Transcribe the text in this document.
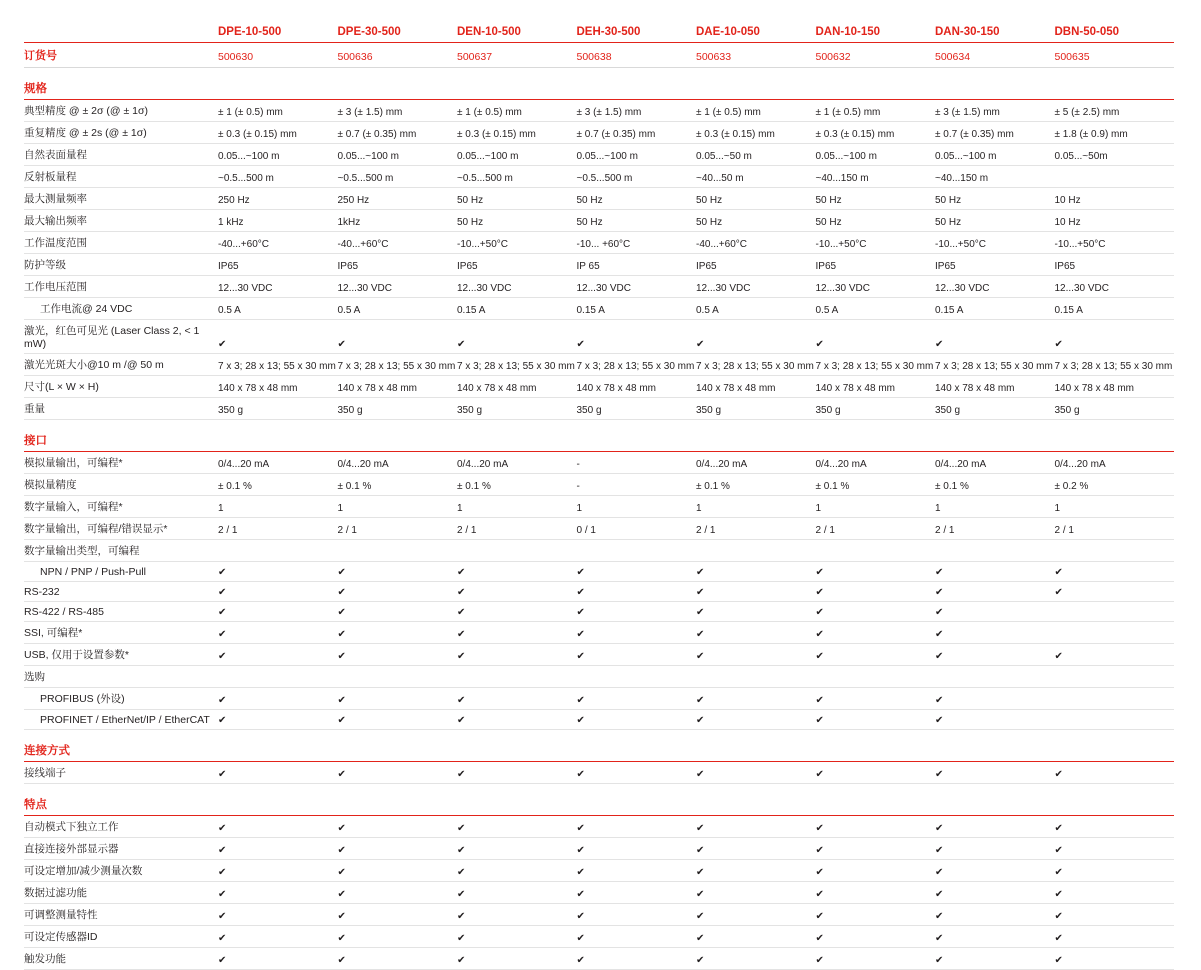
	DPE-10-500	DPE-30-500	DEN-10-500	DEH-30-500	DAE-10-050	DAN-10-150	DAN-30-150	DBN-50-050
订货号	500630	500636	500637	500638	500633	500632	500634	500635
规格								
典型精度 @ ± 2σ (@ ± 1σ)	± 1 (± 0.5) mm	± 3 (± 1.5) mm	± 1 (± 0.5) mm	± 3 (± 1.5) mm	± 1 (± 0.5) mm	± 1 (± 0.5) mm	± 3 (± 1.5) mm	± 5 (± 2.5) mm
重复精度 @ ± 2s (@ ± 1σ)	± 0.3 (± 0.15) mm	± 0.7 (± 0.35) mm	± 0.3 (± 0.15) mm	± 0.7 (± 0.35) mm	± 0.3 (± 0.15) mm	± 0.3 (± 0.15) mm	± 0.7 (± 0.35) mm	± 1.8 (± 0.9) mm
自然表面量程	0.05...~100 m	0.05...~100 m	0.05...~100 m	0.05...~100 m	0.05...~50 m	0.05...~100 m	0.05...~100 m	0.05...~50m
反射板量程	~0.5...500 m	~0.5...500 m	~0.5...500 m	~0.5...500 m	~40...50 m	~40...150 m	~40...150 m	
最大测量频率	250 Hz	250 Hz	50 Hz	50 Hz	50 Hz	50 Hz	50 Hz	10 Hz
最大输出频率	1 kHz	1kHz	50 Hz	50 Hz	50 Hz	50 Hz	50 Hz	10 Hz
工作温度范围	-40...+60°C	-40...+60°C	-10...+50°C	-10... +60°C	-40...+60°C	-10...+50°C	-10...+50°C	-10...+50°C
防护等级	IP65	IP65	IP65	IP 65	IP65	IP65	IP65	IP65
工作电压范围	12...30 VDC	12...30 VDC	12...30 VDC	12...30 VDC	12...30 VDC	12...30 VDC	12...30 VDC	12...30 VDC
工作电流@ 24 VDC	0.5 A	0.5 A	0.15 A	0.15 A	0.5 A	0.5 A	0.15 A	0.15 A
激光，红色可见光 (Laser Class 2, < 1 mW)	✔	✔	✔	✔	✔	✔	✔	✔
激光光斑大小@10 m /@ 50 m	7 x 3; 28 x 13; 55 x 30 mm	7 x 3; 28 x 13; 55 x 30 mm	7 x 3; 28 x 13; 55 x 30 mm	7 x 3; 28 x 13; 55 x 30 mm	7 x 3; 28 x 13; 55 x 30 mm	7 x 3; 28 x 13; 55 x 30 mm	7 x 3; 28 x 13; 55 x 30 mm	7 x 3; 28 x 13; 55 x 30 mm
尺寸(L × W × H)	140 x 78 x 48 mm	140 x 78 x 48 mm	140 x 78 x 48 mm	140 x 78 x 48 mm	140 x 78 x 48 mm	140 x 78 x 48 mm	140 x 78 x 48 mm	140 x 78 x 48 mm
重量	350 g	350 g	350 g	350 g	350 g	350 g	350 g	350 g
接口								
模拟量输出，可编程*	0/4...20 mA	0/4...20 mA	0/4...20 mA	-	0/4...20 mA	0/4...20 mA	0/4...20 mA	0/4...20 mA
模拟量精度	± 0.1 %	± 0.1 %	± 0.1 %	-	± 0.1 %	± 0.1 %	± 0.1 %	± 0.2 %
数字量输入，可编程*	1	1	1	1	1	1	1	1
数字量输出，可编程/错误显示*	2 / 1	2 / 1	2 / 1	0 / 1	2 / 1	2 / 1	2 / 1	2 / 1
数字量输出类型，可编程								
NPN / PNP / Push-Pull	✔	✔	✔	✔	✔	✔	✔	✔
RS-232	✔	✔	✔	✔	✔	✔	✔	✔
RS-422 / RS-485	✔	✔	✔	✔	✔	✔	✔	
SSI, 可编程*	✔	✔	✔	✔	✔	✔	✔	
USB, 仅用于设置参数*	✔	✔	✔	✔	✔	✔	✔	✔
选购								
PROFIBUS (外设)	✔	✔	✔	✔	✔	✔	✔	
PROFINET / EtherNet/IP / EtherCAT	✔	✔	✔	✔	✔	✔	✔	
连接方式								
接线端子	✔	✔	✔	✔	✔	✔	✔	✔
特点								
自动模式下独立工作	✔	✔	✔	✔	✔	✔	✔	✔
直接连接外部显示器	✔	✔	✔	✔	✔	✔	✔	✔
可设定增加/减少测量次数	✔	✔	✔	✔	✔	✔	✔	✔
数据过滤功能	✔	✔	✔	✔	✔	✔	✔	✔
可调整测量特性	✔	✔	✔	✔	✔	✔	✔	✔
可设定传感器ID	✔	✔	✔	✔	✔	✔	✔	✔
触发功能	✔	✔	✔	✔	✔	✔	✔	✔
